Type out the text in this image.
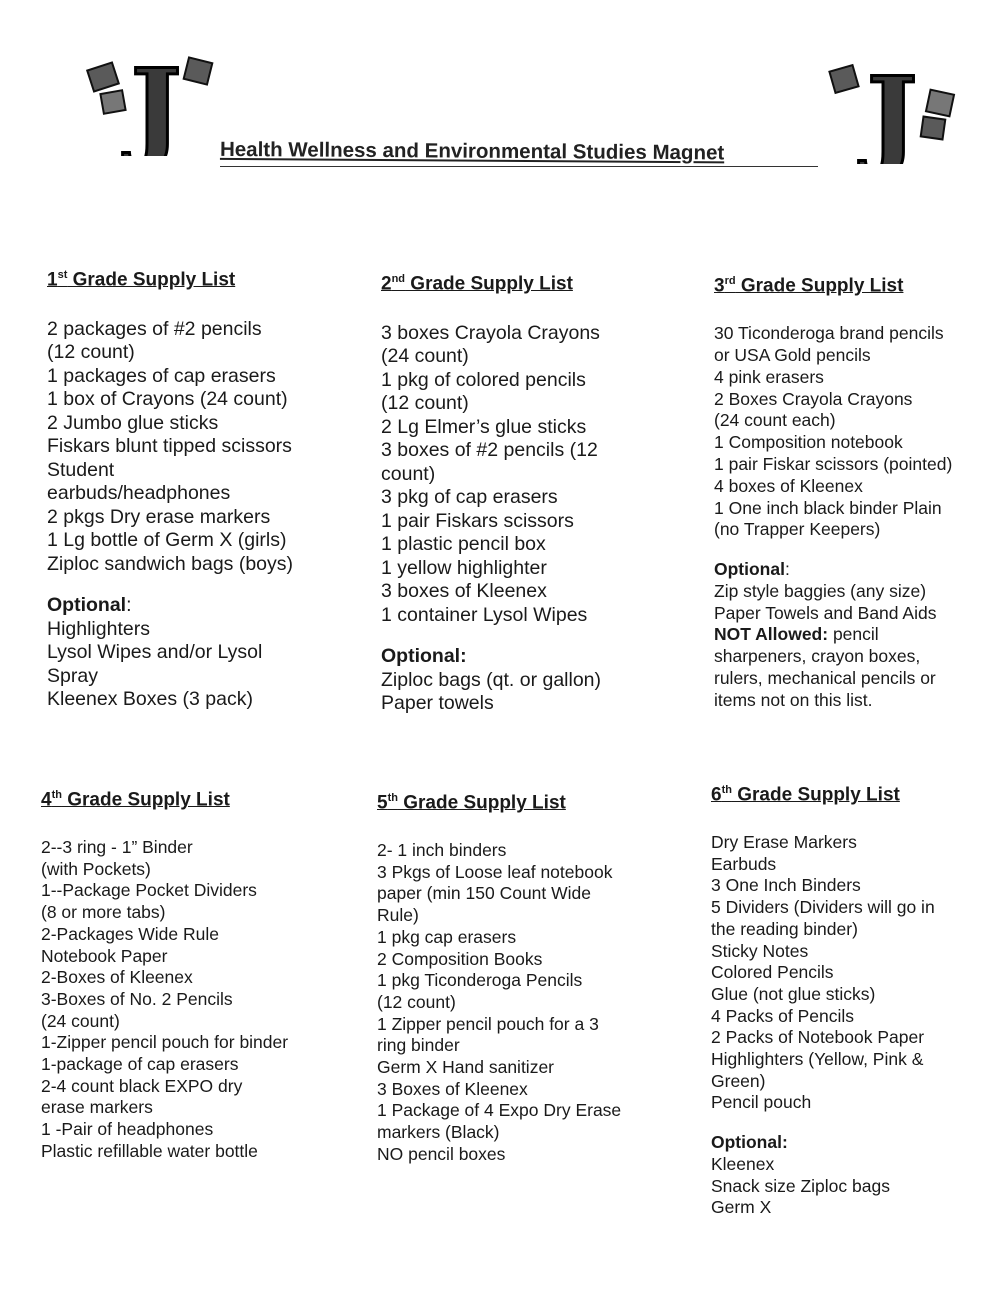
J	J
Health Wellness and Environmental Studies Magnet
1st Grade Supply List
2 packages of #2 pencils
(12 count)
1 packages of cap erasers
1 box of Crayons (24 count)
2 Jumbo glue sticks
Fiskars blunt tipped scissors
Student
earbuds/headphones
2 pkgs Dry erase markers
1 Lg bottle of Germ X (girls)
Ziploc sandwich bags (boys)
Optional:
Highlighters
Lysol Wipes and/or Lysol
Spray
Kleenex Boxes (3 pack)
2nd Grade Supply List
3 boxes Crayola Crayons
(24 count)
1 pkg of colored pencils
(12 count)
2 Lg Elmer’s glue sticks
3 boxes of #2 pencils (12
count)
3 pkg of cap erasers
1 pair Fiskars scissors
1 plastic pencil box
1 yellow highlighter
3 boxes of Kleenex
1 container Lysol Wipes
Optional:
Ziploc bags (qt. or gallon)
Paper towels
3rd Grade Supply List
30 Ticonderoga brand pencils
or USA Gold pencils
4 pink erasers
2 Boxes Crayola Crayons
(24 count each)
1 Composition notebook
1 pair Fiskar scissors (pointed)
4 boxes of Kleenex
1 One inch black binder Plain
(no Trapper Keepers)
Optional:
Zip style baggies (any size)
Paper Towels and Band Aids
NOT Allowed: pencil
sharpeners, crayon boxes,
rulers, mechanical pencils or
items not on this list.
4th Grade Supply List
2--3 ring - 1” Binder
(with Pockets)
1--Package Pocket Dividers
(8 or more tabs)
2-Packages Wide Rule
Notebook Paper
2-Boxes of Kleenex
3-Boxes of No. 2 Pencils
(24 count)
1-Zipper pencil pouch for binder
1-package of cap erasers
2-4 count black EXPO dry
erase markers
1 -Pair of headphones
Plastic refillable water bottle
5th Grade Supply List
2- 1 inch binders
3 Pkgs of Loose leaf notebook
paper (min 150 Count Wide
Rule)
1 pkg cap erasers
2 Composition Books
1 pkg Ticonderoga Pencils
(12 count)
1 Zipper pencil pouch for a 3
ring binder
Germ X Hand sanitizer
3 Boxes of Kleenex
1 Package of 4 Expo Dry Erase
markers (Black)
NO pencil boxes
6th Grade Supply List
Dry Erase Markers
Earbuds
3 One Inch Binders
5 Dividers (Dividers will go in
the reading binder)
Sticky Notes
Colored Pencils
Glue (not glue sticks)
4 Packs of Pencils
2 Packs of Notebook Paper
Highlighters (Yellow, Pink &
Green)
Pencil pouch
Optional:
Kleenex
Snack size Ziploc bags
Germ X
